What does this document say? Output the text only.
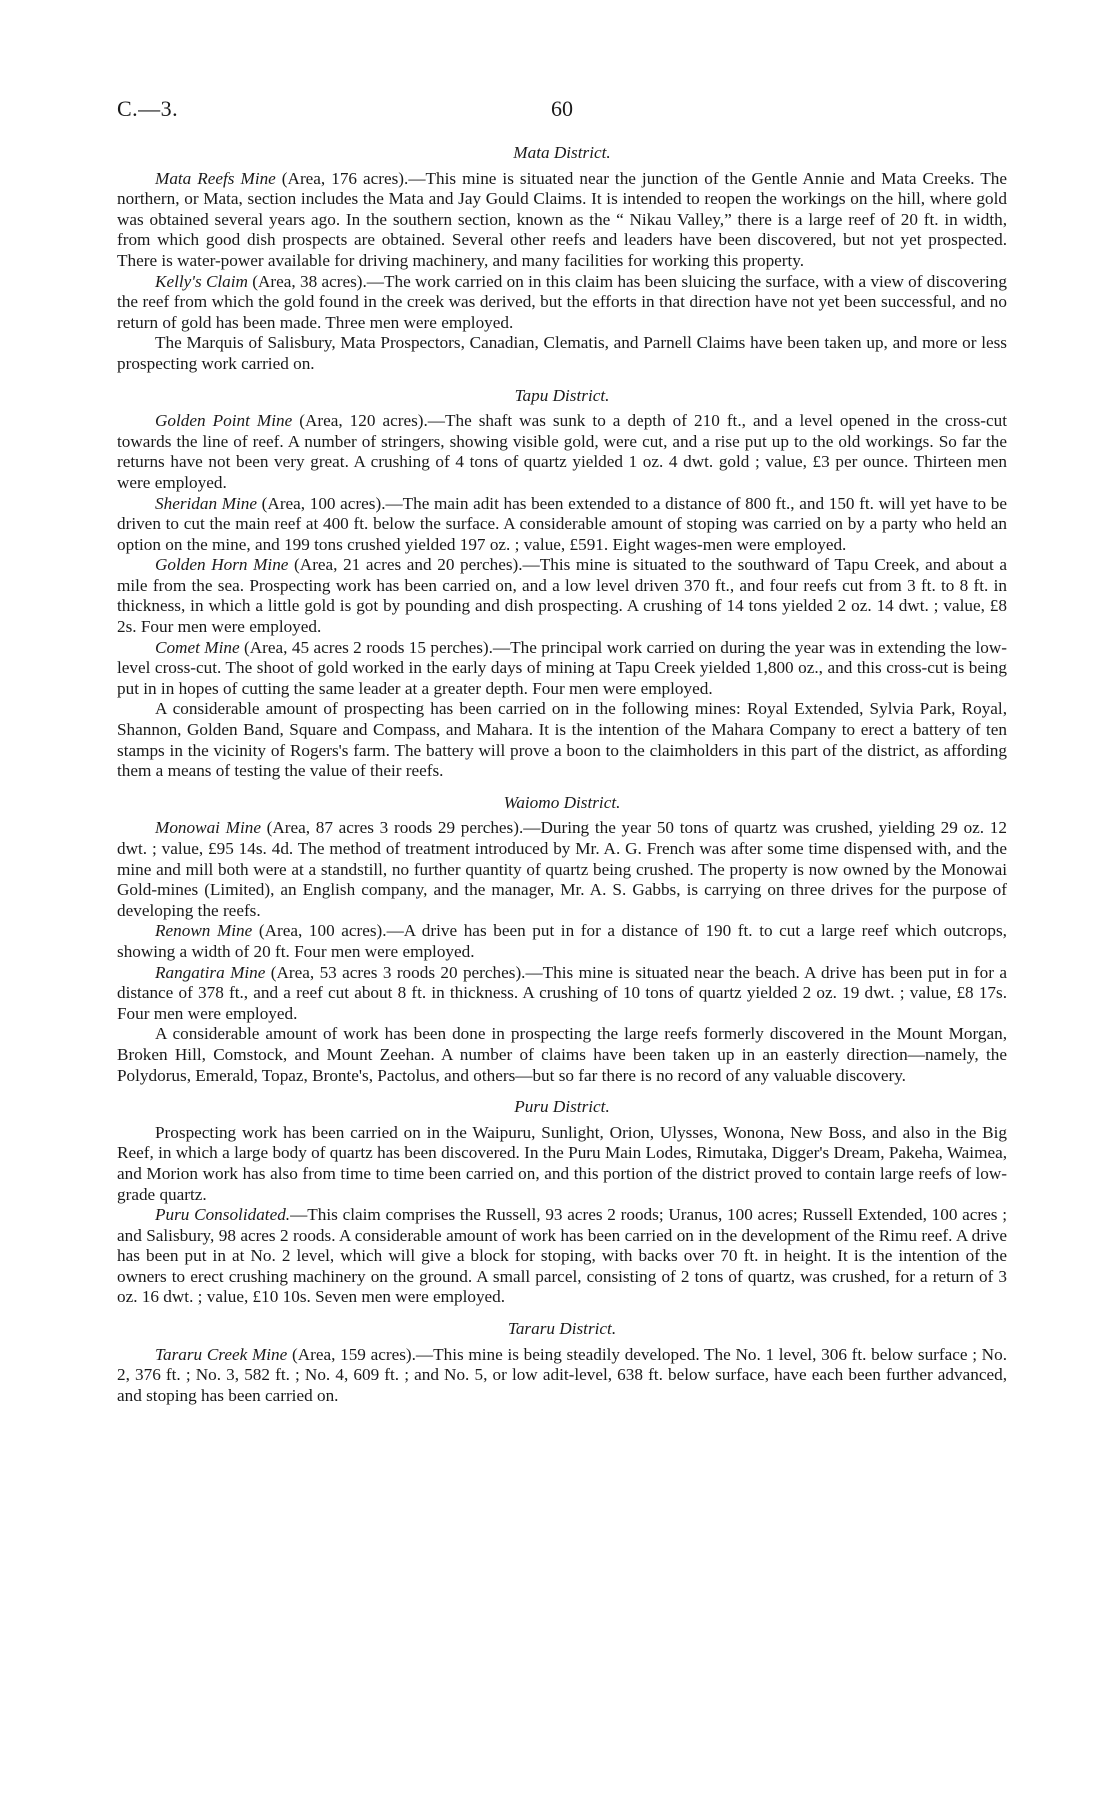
C.—3.	60
Mata District.

Mata Reefs Mine (Area, 176 acres).—This mine is situated near the junction of the Gentle Annie and Mata Creeks. The northern, or Mata, section includes the Mata and Jay Gould Claims. It is intended to reopen the workings on the hill, where gold was obtained several years ago. In the southern section, known as the “ Nikau Valley,” there is a large reef of 20 ft. in width, from which good dish prospects are obtained. Several other reefs and leaders have been discovered, but not yet prospected. There is water-power available for driving machinery, and many facilities for working this property.

Kelly's Claim (Area, 38 acres).—The work carried on in this claim has been sluicing the surface, with a view of discovering the reef from which the gold found in the creek was derived, but the efforts in that direction have not yet been successful, and no return of gold has been made. Three men were employed.

The Marquis of Salisbury, Mata Prospectors, Canadian, Clematis, and Parnell Claims have been taken up, and more or less prospecting work carried on.

Tapu District.

Golden Point Mine (Area, 120 acres).—The shaft was sunk to a depth of 210 ft., and a level opened in the cross-cut towards the line of reef. A number of stringers, showing visible gold, were cut, and a rise put up to the old workings. So far the returns have not been very great. A crushing of 4 tons of quartz yielded 1 oz. 4 dwt. gold ; value, £3 per ounce. Thirteen men were employed.

Sheridan Mine (Area, 100 acres).—The main adit has been extended to a distance of 800 ft., and 150 ft. will yet have to be driven to cut the main reef at 400 ft. below the surface. A considerable amount of stoping was carried on by a party who held an option on the mine, and 199 tons crushed yielded 197 oz. ; value, £591. Eight wages-men were employed.

Golden Horn Mine (Area, 21 acres and 20 perches).—This mine is situated to the southward of Tapu Creek, and about a mile from the sea. Prospecting work has been carried on, and a low level driven 370 ft., and four reefs cut from 3 ft. to 8 ft. in thickness, in which a little gold is got by pounding and dish prospecting. A crushing of 14 tons yielded 2 oz. 14 dwt. ; value, £8 2s. Four men were employed.

Comet Mine (Area, 45 acres 2 roods 15 perches).—The principal work carried on during the year was in extending the low-level cross-cut. The shoot of gold worked in the early days of mining at Tapu Creek yielded 1,800 oz., and this cross-cut is being put in in hopes of cutting the same leader at a greater depth. Four men were employed.

A considerable amount of prospecting has been carried on in the following mines: Royal Extended, Sylvia Park, Royal, Shannon, Golden Band, Square and Compass, and Mahara. It is the intention of the Mahara Company to erect a battery of ten stamps in the vicinity of Rogers's farm. The battery will prove a boon to the claimholders in this part of the district, as affording them a means of testing the value of their reefs.

Waiomo District.

Monowai Mine (Area, 87 acres 3 roods 29 perches).—During the year 50 tons of quartz was crushed, yielding 29 oz. 12 dwt. ; value, £95 14s. 4d. The method of treatment introduced by Mr. A. G. French was after some time dispensed with, and the mine and mill both were at a standstill, no further quantity of quartz being crushed. The property is now owned by the Monowai Gold-mines (Limited), an English company, and the manager, Mr. A. S. Gabbs, is carrying on three drives for the purpose of developing the reefs.

Renown Mine (Area, 100 acres).—A drive has been put in for a distance of 190 ft. to cut a large reef which outcrops, showing a width of 20 ft. Four men were employed.

Rangatira Mine (Area, 53 acres 3 roods 20 perches).—This mine is situated near the beach. A drive has been put in for a distance of 378 ft., and a reef cut about 8 ft. in thickness. A crushing of 10 tons of quartz yielded 2 oz. 19 dwt. ; value, £8 17s. Four men were employed.

A considerable amount of work has been done in prospecting the large reefs formerly discovered in the Mount Morgan, Broken Hill, Comstock, and Mount Zeehan. A number of claims have been taken up in an easterly direction—namely, the Polydorus, Emerald, Topaz, Bronte's, Pactolus, and others—but so far there is no record of any valuable discovery.

Puru District.

Prospecting work has been carried on in the Waipuru, Sunlight, Orion, Ulysses, Wonona, New Boss, and also in the Big Reef, in which a large body of quartz has been discovered. In the Puru Main Lodes, Rimutaka, Digger's Dream, Pakeha, Waimea, and Morion work has also from time to time been carried on, and this portion of the district proved to contain large reefs of low-grade quartz.

Puru Consolidated.—This claim comprises the Russell, 93 acres 2 roods; Uranus, 100 acres; Russell Extended, 100 acres ; and Salisbury, 98 acres 2 roods. A considerable amount of work has been carried on in the development of the Rimu reef. A drive has been put in at No. 2 level, which will give a block for stoping, with backs over 70 ft. in height. It is the intention of the owners to erect crushing machinery on the ground. A small parcel, consisting of 2 tons of quartz, was crushed, for a return of 3 oz. 16 dwt. ; value, £10 10s. Seven men were employed.

Tararu District.

Tararu Creek Mine (Area, 159 acres).—This mine is being steadily developed. The No. 1 level, 306 ft. below surface ; No. 2, 376 ft. ; No. 3, 582 ft. ; No. 4, 609 ft. ; and No. 5, or low adit-level, 638 ft. below surface, have each been further advanced, and stoping has been carried on.
